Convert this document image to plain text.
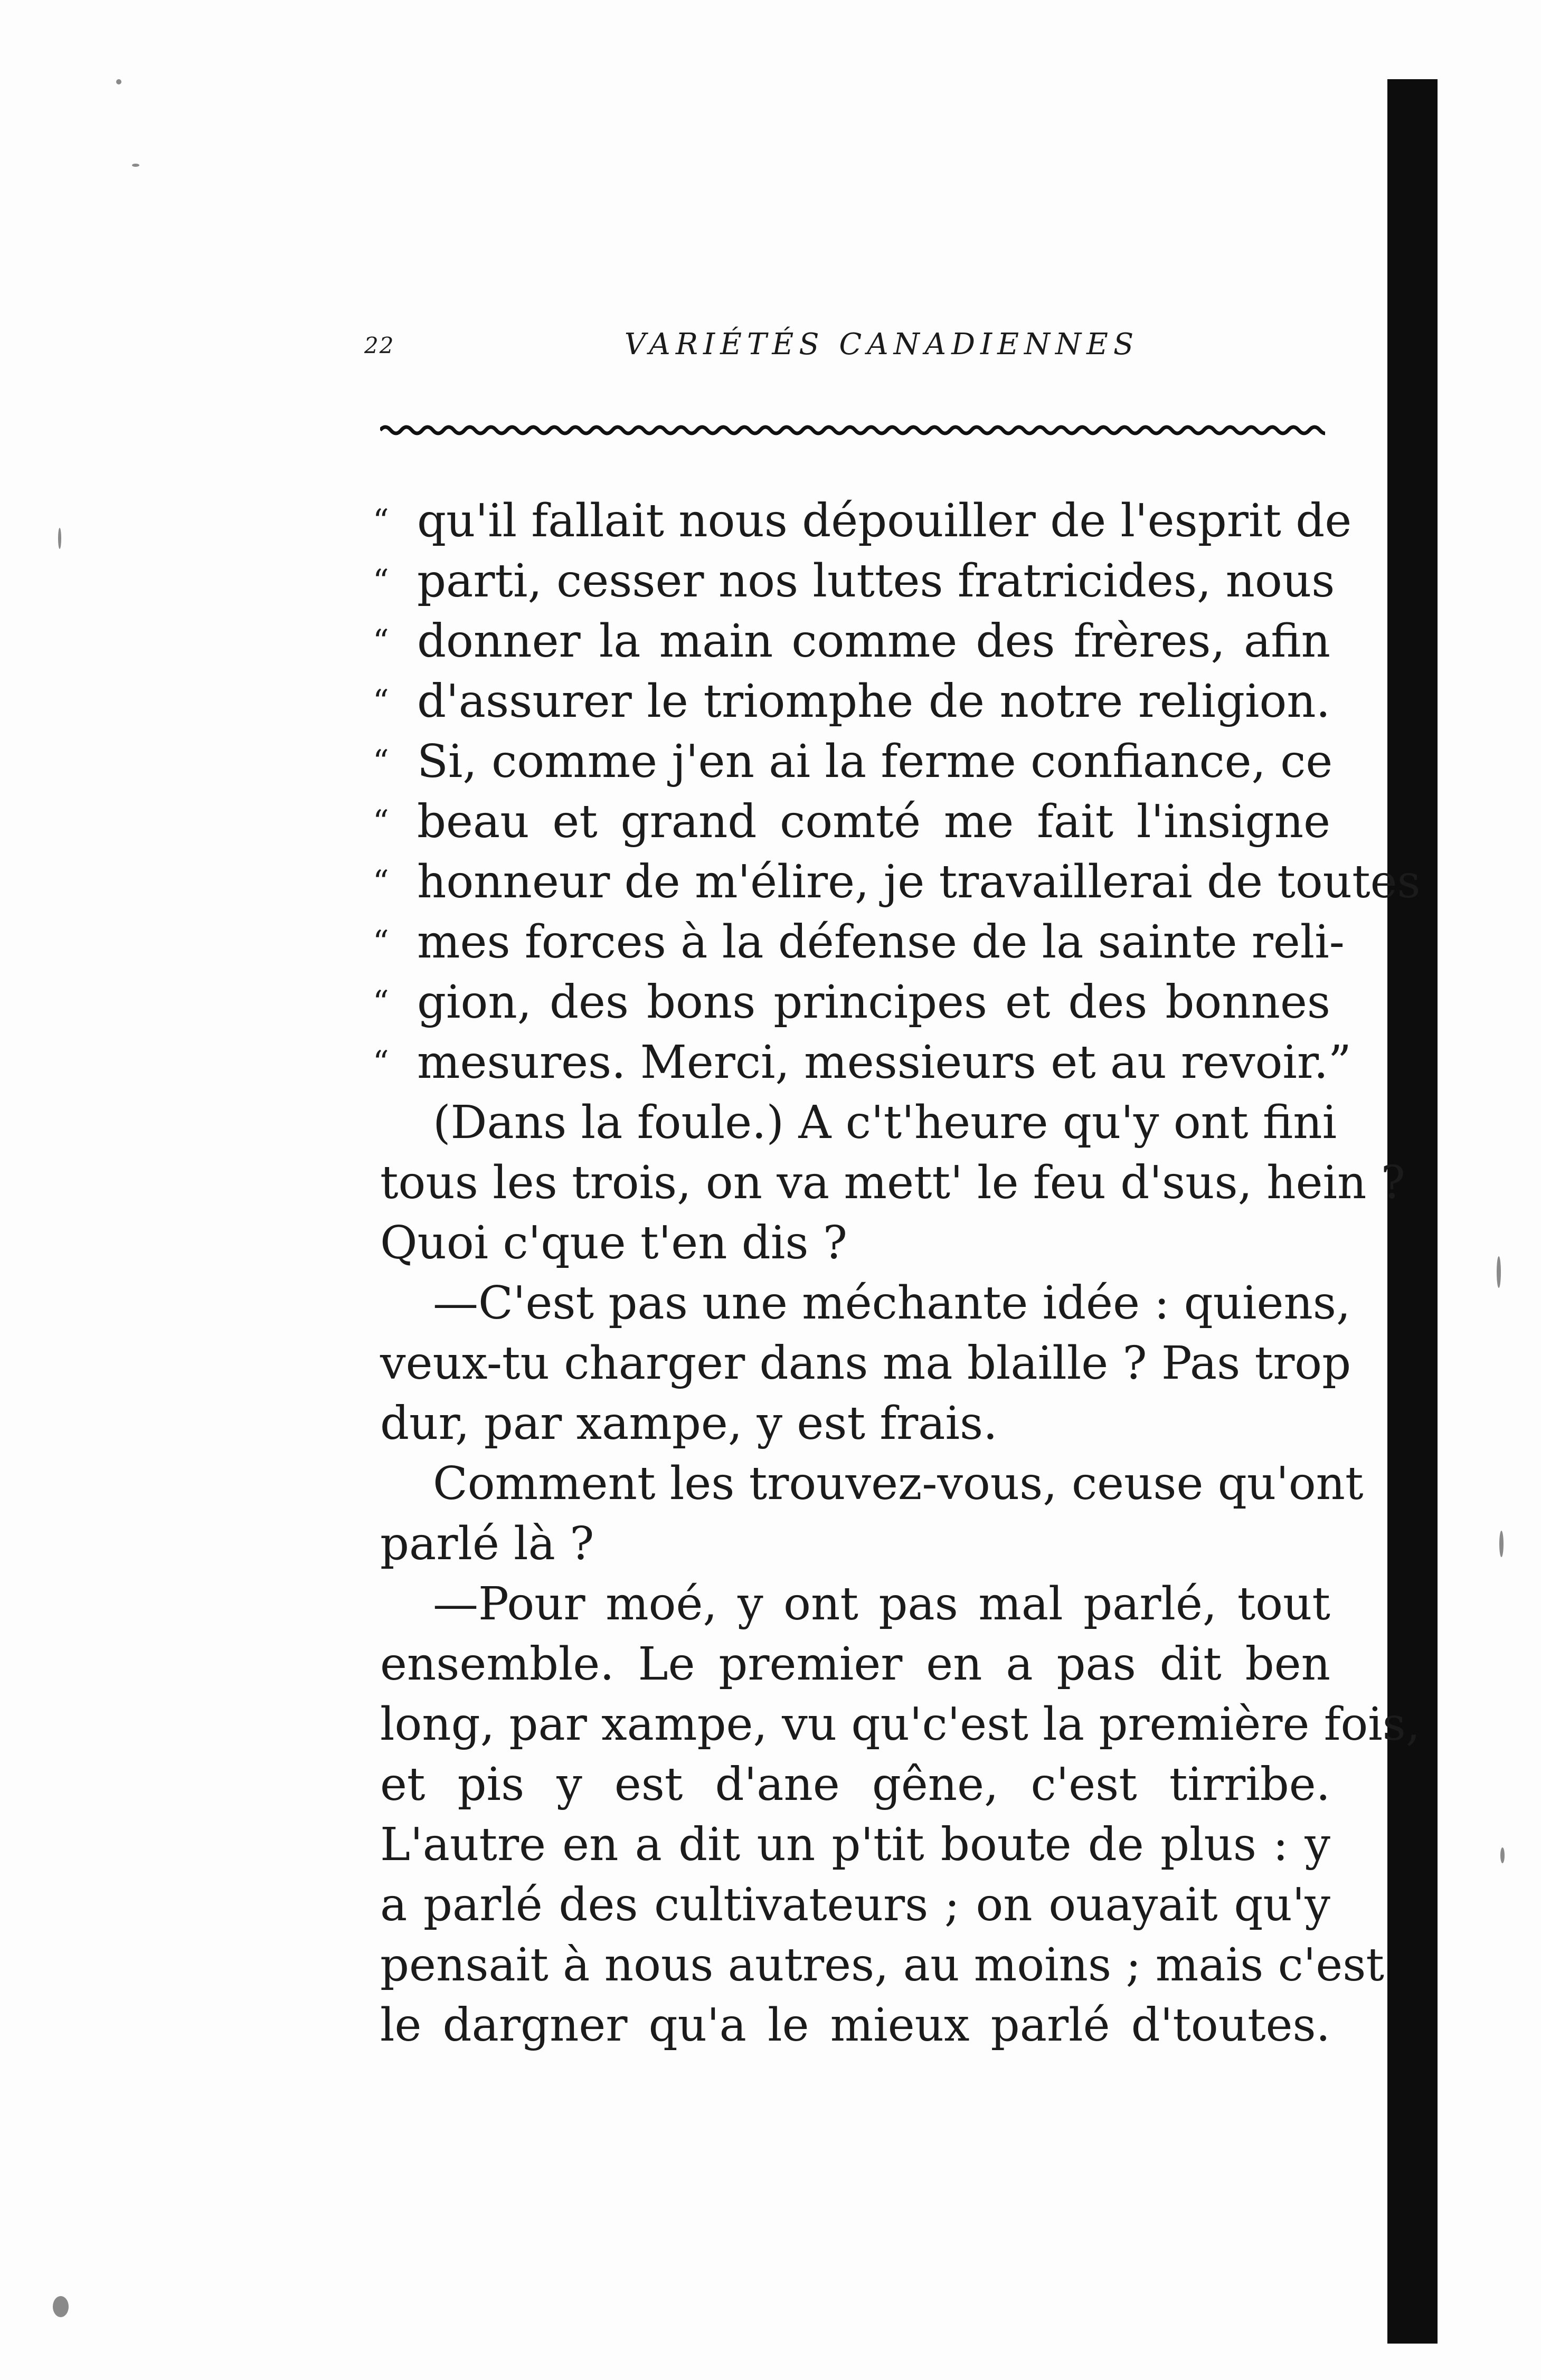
22	VARIÉTÉS CANADIENNES
“ qu'il fallait nous dépouiller de l'esprit de
“ parti, cesser nos luttes fratricides, nous
“ donner la main comme des frères, afin
“ d'assurer le triomphe de notre religion.
“ Si, comme j'en ai la ferme confiance, ce
“ beau et grand comté me fait l'insigne
“ honneur de m'élire, je travaillerai de toutes
“ mes forces à la défense de la sainte reli-
“ gion, des bons principes et des bonnes
“ mesures. Merci, messieurs et au revoir.”
(Dans la foule.) A c't'heure qu'y ont fini
tous les trois, on va mett' le feu d'sus, hein ?
Quoi c'que t'en dis ?
—C'est pas une méchante idée : quiens,
veux-tu charger dans ma blaille ? Pas trop
dur, par xampe, y est frais.
Comment les trouvez-vous, ceuse qu'ont
parlé là ?
—Pour moé, y ont pas mal parlé, tout
ensemble. Le premier en a pas dit ben
long, par xampe, vu qu'c'est la première fois,
et pis y est d'ane gêne, c'est tirribe.
L'autre en a dit un p'tit boute de plus : y
a parlé des cultivateurs ; on ouayait qu'y
pensait à nous autres, au moins ; mais c'est
le dargner qu'a le mieux parlé d'toutes.
